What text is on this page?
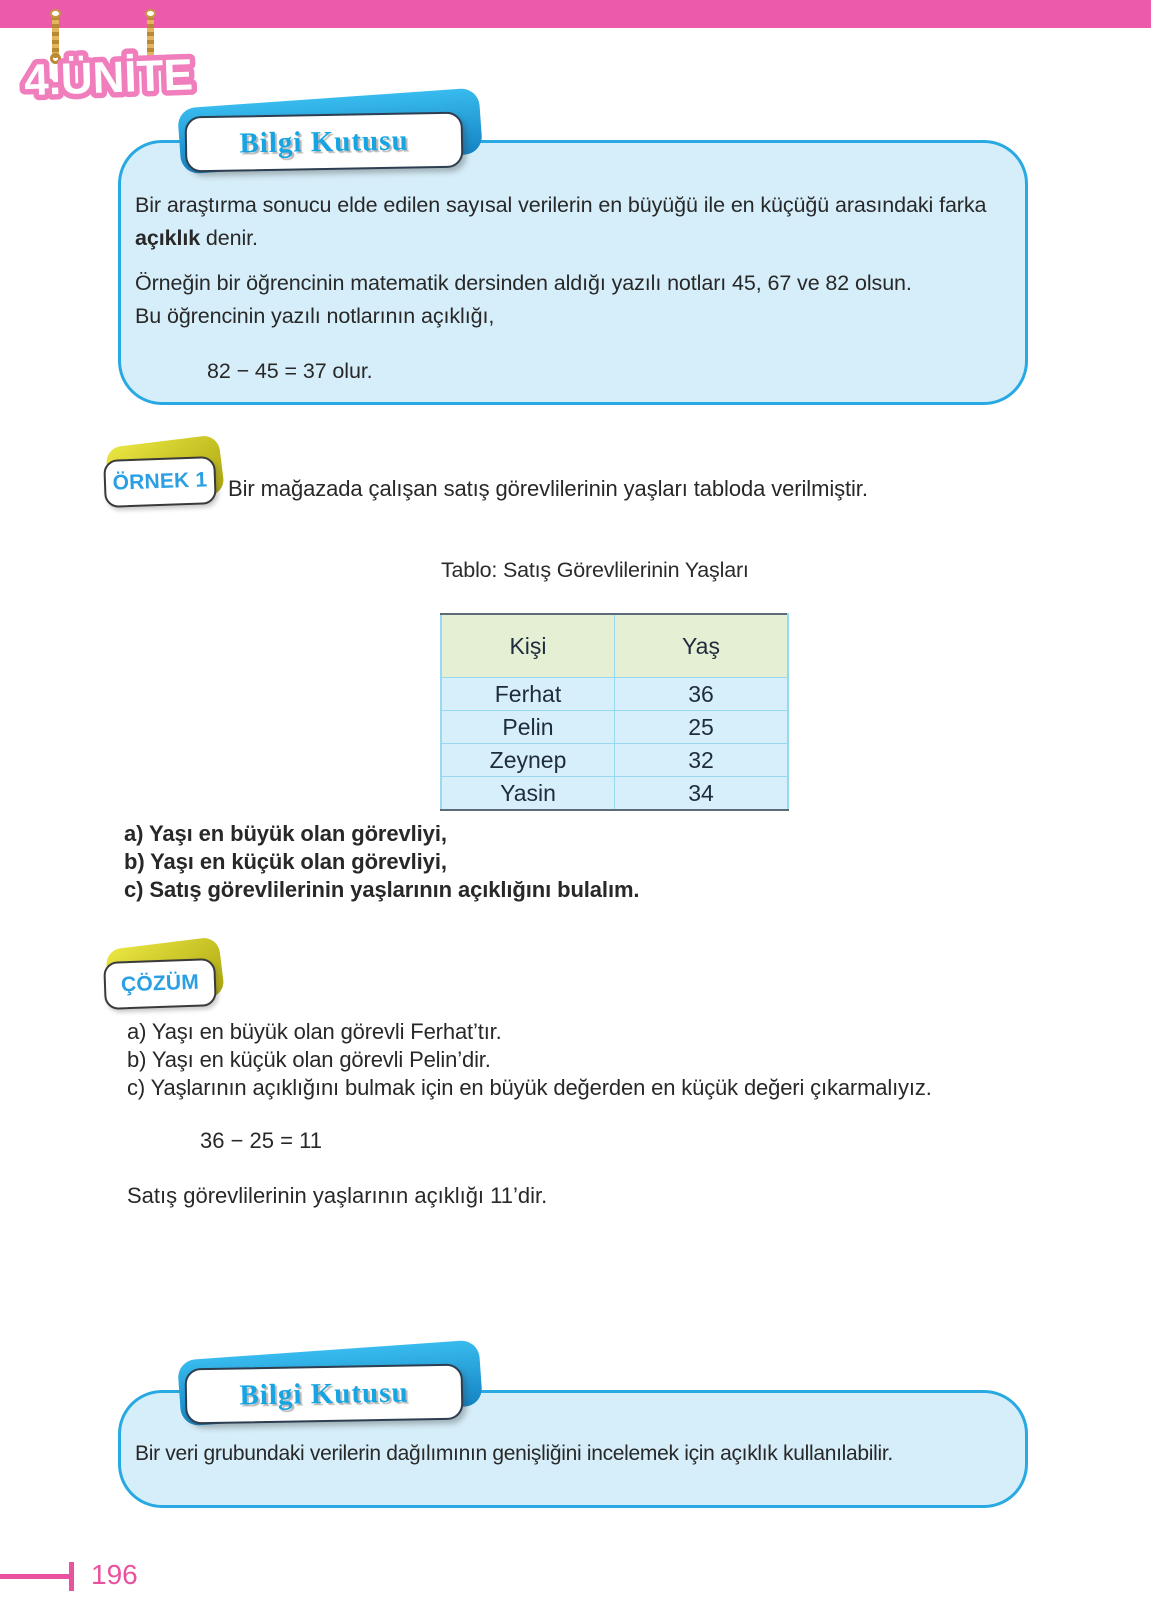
4.ÜNİTE
Bir araştırma sonucu elde edilen sayısal verilerin en büyüğü ile en küçüğü arasındaki farka
açıklık denir.
Örneğin bir öğrencinin matematik dersinden aldığı yazılı notları 45, 67 ve 82 olsun.
Bu öğrencinin yazılı notlarının açıklığı,
82 − 45 = 37 olur.
Bilgi Kutusu
ÖRNEK 1 Bir mağazada çalışan satış görevlilerinin yaşları tabloda verilmiştir.
Tablo: Satış Görevlilerinin Yaşları
Kişi	Yaş
Ferhat	36
Pelin	25
Zeynep	32
Yasin	34
a) Yaşı en büyük olan görevliyi,
b) Yaşı en küçük olan görevliyi,
c) Satış görevlilerinin yaşlarının açıklığını bulalım.
ÇÖZÜM
a) Yaşı en büyük olan görevli Ferhat’tır.
b) Yaşı en küçük olan görevli Pelin’dir.
c) Yaşlarının açıklığını bulmak için en büyük değerden en küçük değeri çıkarmalıyız.
36 − 25 = 11
Satış görevlilerinin yaşlarının açıklığı 11’dir.
Bir veri grubundaki verilerin dağılımının genişliğini incelemek için açıklık kullanılabilir.
Bilgi Kutusu
196
